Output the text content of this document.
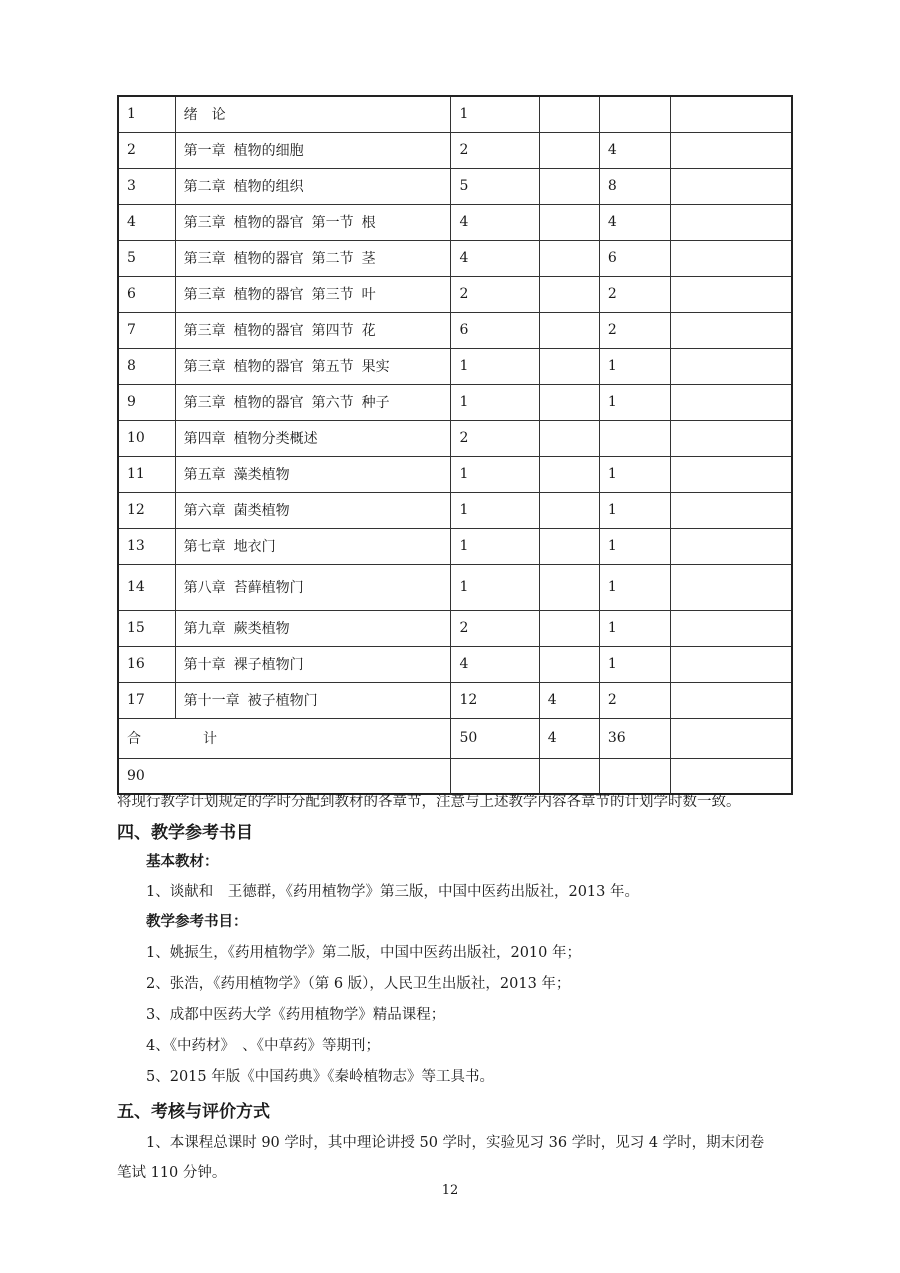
1	绪　论	1			
2	第一章 植物的细胞	2		4	
3	第二章 植物的组织	5		8	
4	第三章 植物的器官 第一节 根	4		4	
5	第三章 植物的器官 第二节 茎	4		6	
6	第三章 植物的器官 第三节 叶	2		2	
7	第三章 植物的器官 第四节 花	6		2	
8	第三章 植物的器官 第五节 果实	1		1	
9	第三章 植物的器官 第六节 种子	1		1	
10	第四章 植物分类概述	2			
11	第五章 藻类植物	1		1	
12	第六章 菌类植物	1		1	
13	第七章 地衣门	1		1	
14	第八章 苔藓植物门	1		1	
15	第九章 蕨类植物	2		1	
16	第十章 裸子植物门	4		1	
17	第十一章 被子植物门	12	4	2	
合 计		50	4	36	
90					
将现行教学计划规定的学时分配到教材的各章节，注意与上述教学内容各章节的计划学时数一致。
四、教学参考书目
基本教材：
1、谈献和　王德群，《药用植物学》第三版，中国中医药出版社，2013 年。
教学参考书目：
1、姚振生，《药用植物学》第二版，中国中医药出版社，2010 年；
2、张浩，《药用植物学》（第 6 版），人民卫生出版社，2013 年；
3、成都中医药大学《药用植物学》精品课程；
4、《中药材》　、《中草药》等期刊；
5、2015 年版《中国药典》《秦岭植物志》等工具书。
五、考核与评价方式
1、本课程总课时 90 学时，其中理论讲授 50 学时，实验见习 36 学时，见习 4 学时，期末闭卷
笔试 110 分钟。
12
